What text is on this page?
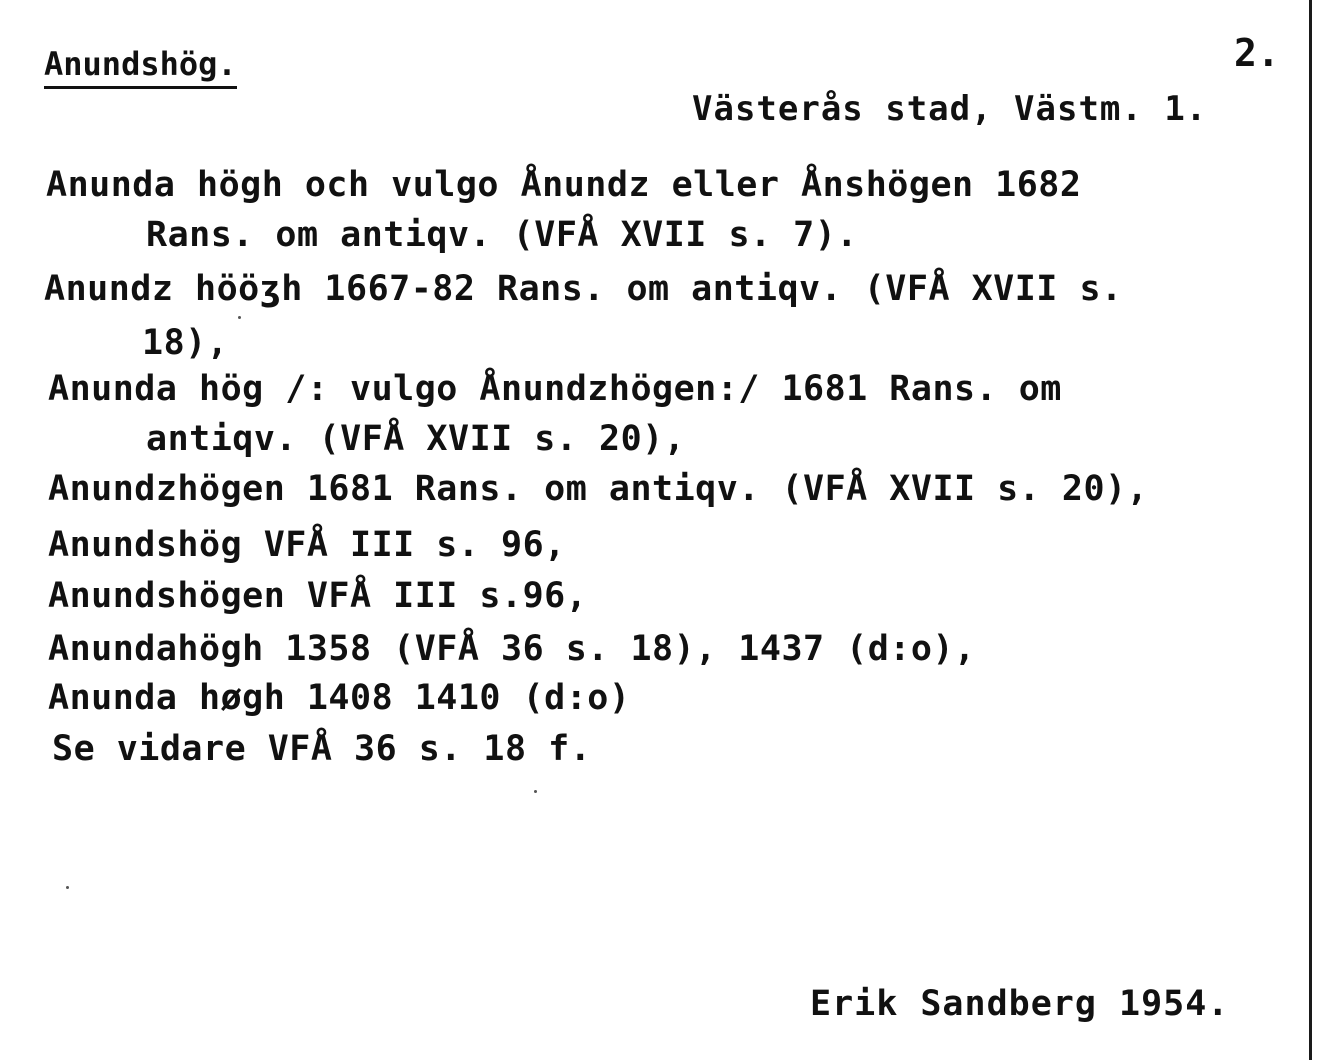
Anundshög.	2.
Västerås stad, Västm. 1.
Anunda högh och vulgo Ånundz eller Ånshögen 1682
Rans. om antiqv. (VFÅ XVII s. 7).
Anundz hööʒh 1667-82 Rans. om antiqv. (VFÅ XVII s.
18),
Anunda hög /: vulgo Ånundzhögen:/ 1681 Rans. om
antiqv. (VFÅ XVII s. 20),
Anundzhögen 1681 Rans. om antiqv. (VFÅ XVII s. 20),
Anundshög VFÅ III s. 96,
Anundshögen VFÅ III s.96,
Anundahögh 1358 (VFÅ 36 s. 18), 1437 (d:o),
Anunda høgh 1408 1410 (d:o)
Se vidare VFÅ 36 s. 18 f.
Erik Sandberg 1954.
